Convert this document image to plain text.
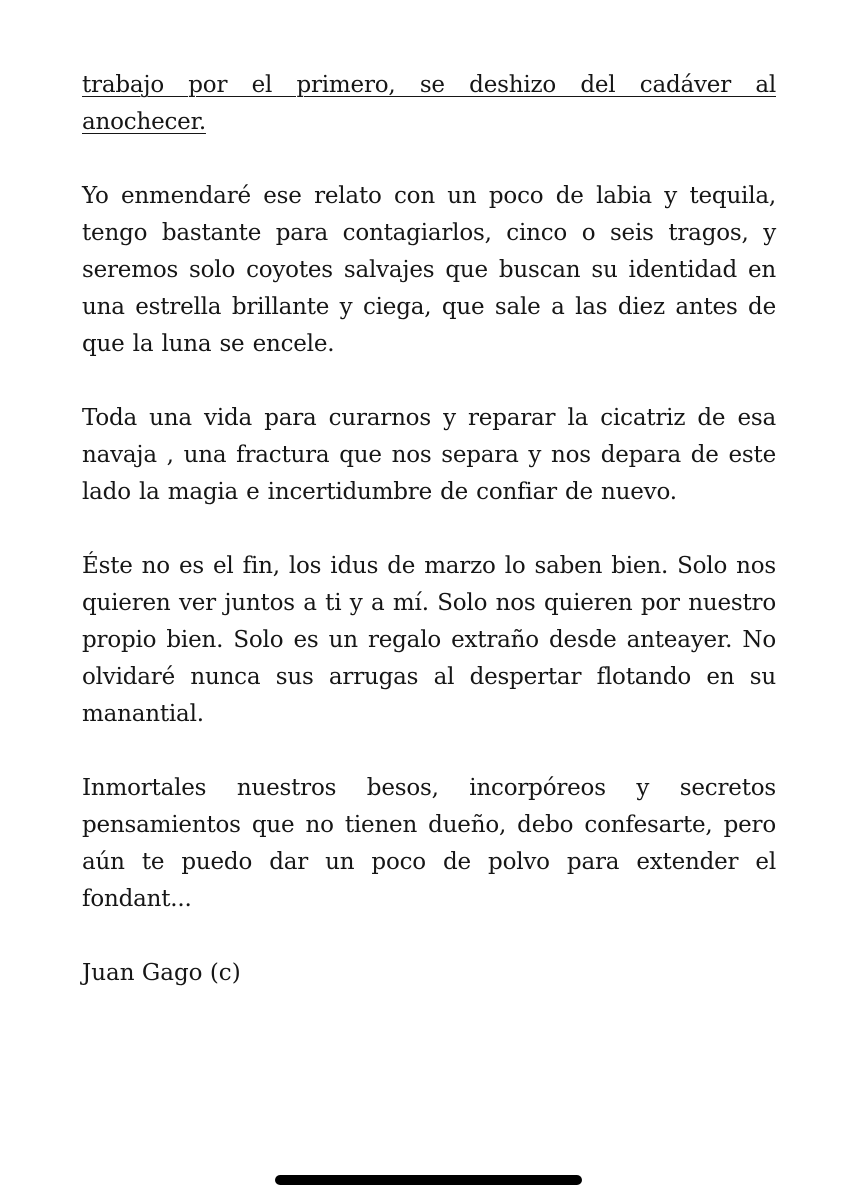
trabajo por el primero, se deshizo del cadáver al anochecer.

Yo enmendaré ese relato con un poco de labia y tequila, tengo bastante para contagiarlos, cinco o seis tragos, y seremos solo coyotes salvajes que buscan su identidad en una estrella brillante y ciega, que sale a las diez antes de que la luna se encele.

Toda una vida para curarnos y reparar la cicatriz de esa navaja , una fractura que nos separa y nos depara de este lado la magia e incertidumbre de confiar de nuevo.

Éste no es el fin, los idus de marzo lo saben bien. Solo nos quieren ver juntos a ti y a mí. Solo nos quieren por nuestro propio bien. Solo es un regalo extraño desde anteayer. No olvidaré nunca sus arrugas al despertar flotando en su manantial.

Inmortales nuestros besos, incorpóreos y secretos pensamientos que no tienen dueño, debo confesarte, pero aún te puedo dar un poco de polvo para extender el fondant...

Juan Gago (c)
